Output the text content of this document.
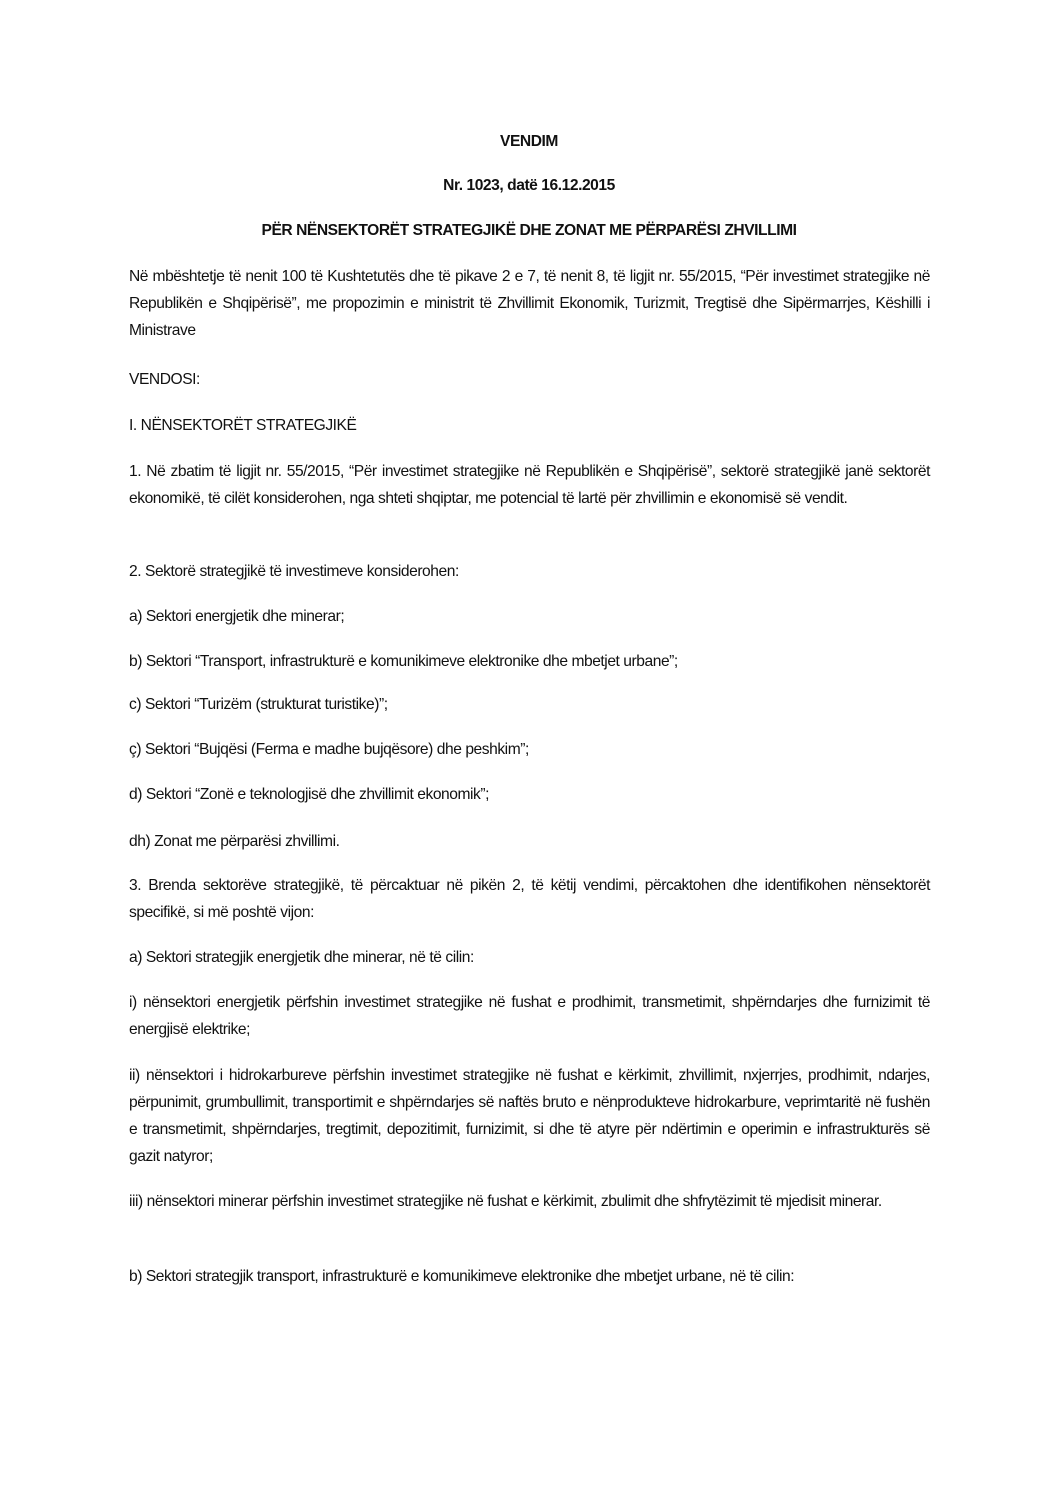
VENDIM

Nr. 1023, datë 16.12.2015

PËR NËNSEKTORËT STRATEGJIKË DHE ZONAT ME PËRPARËSI ZHVILLIMI

Në mbështetje të nenit 100 të Kushtetutës dhe të pikave 2 e 7, të nenit 8, të ligjit nr. 55/2015, “Për investimet strategjike në Republikën e Shqipërisë”, me propozimin e ministrit të Zhvillimit Ekonomik, Turizmit, Tregtisë dhe Sipërmarrjes, Këshilli i Ministrave

VENDOSI:

I. NËNSEKTORËT STRATEGJIKË

1. Në zbatim të ligjit nr. 55/2015, “Për investimet strategjike në Republikën e Shqipërisë”, sektorë strategjikë janë sektorët ekonomikë, të cilët konsiderohen, nga shteti shqiptar, me potencial të lartë për zhvillimin e ekonomisë së vendit.

2. Sektorë strategjikë të investimeve konsiderohen:

a) Sektori energjetik dhe minerar;

b) Sektori “Transport, infrastrukturë e komunikimeve elektronike dhe mbetjet urbane”;

c) Sektori “Turizëm (strukturat turistike)”;

ç) Sektori “Bujqësi (Ferma e madhe bujqësore) dhe peshkim”;

d) Sektori “Zonë e teknologjisë dhe zhvillimit ekonomik”;

dh) Zonat me përparësi zhvillimi.

3. Brenda sektorëve strategjikë, të përcaktuar në pikën 2, të këtij vendimi, përcaktohen dhe identifikohen nënsektorët specifikë, si më poshtë vijon:

a) Sektori strategjik energjetik dhe minerar, në të cilin:

i) nënsektori energjetik përfshin investimet strategjike në fushat e prodhimit, transmetimit, shpërndarjes dhe furnizimit të energjisë elektrike;

ii) nënsektori i hidrokarbureve përfshin investimet strategjike në fushat e kërkimit, zhvillimit, nxjerrjes, prodhimit, ndarjes, përpunimit, grumbullimit, transportimit e shpërndarjes së naftës bruto e nënprodukteve hidrokarbure, veprimtaritë në fushën e transmetimit, shpërndarjes, tregtimit, depozitimit, furnizimit, si dhe të atyre për ndërtimin e operimin e infrastrukturës së gazit natyror;

iii) nënsektori minerar përfshin investimet strategjike në fushat e kërkimit, zbulimit dhe shfrytëzimit të mjedisit minerar.

b) Sektori strategjik transport, infrastrukturë e komunikimeve elektronike dhe mbetjet urbane, në të cilin:
